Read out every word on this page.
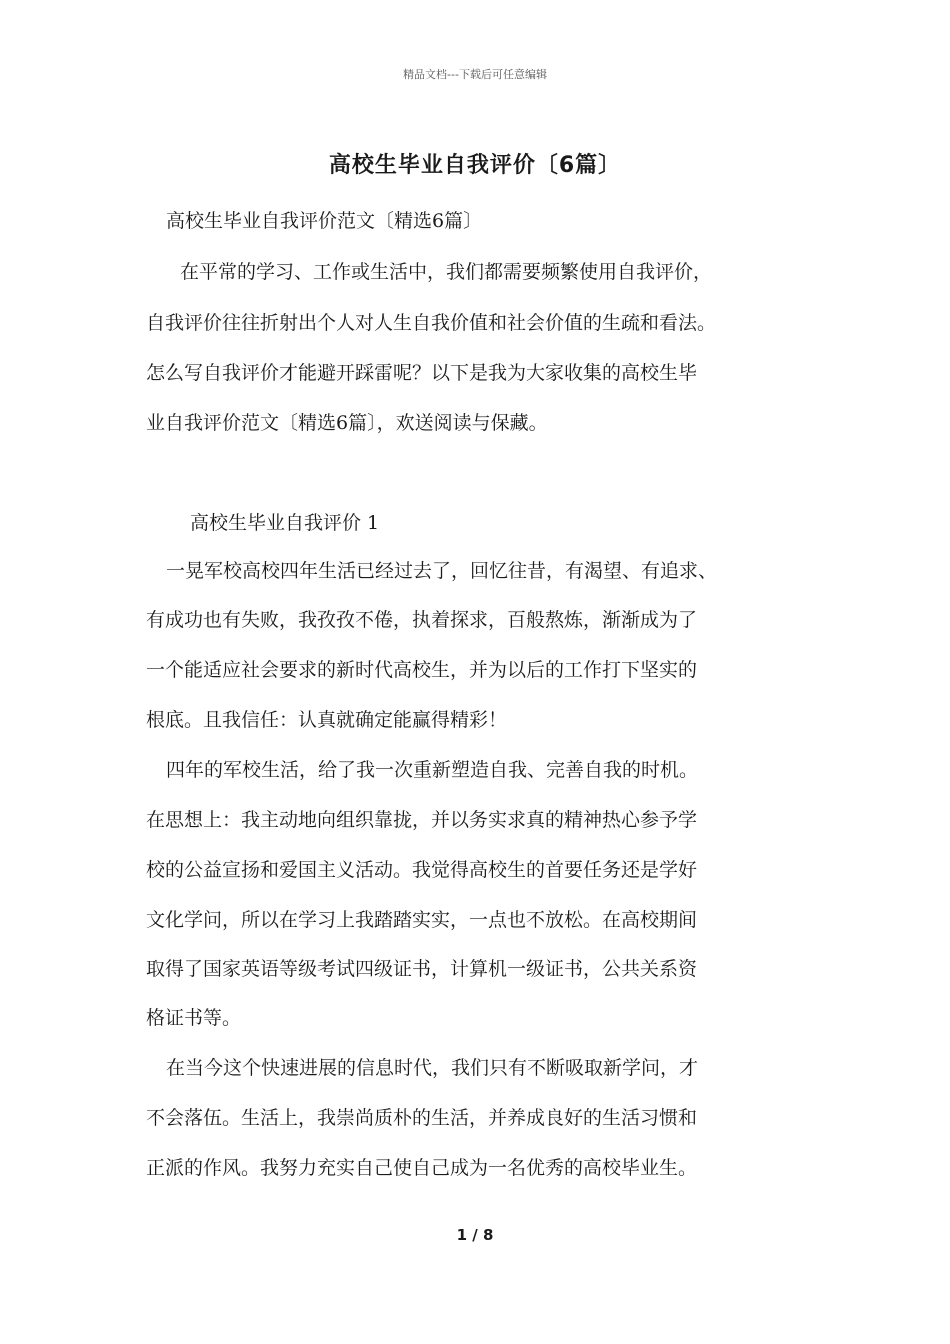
精品文档---下载后可任意编辑
高校生毕业自我评价〔6篇〕
高校生毕业自我评价范文〔精选6篇〕
在平常的学习、工作或生活中，我们都需要频繁使用自我评价，
自我评价往往折射出个人对人生自我价值和社会价值的生疏和看法。
怎么写自我评价才能避开踩雷呢？以下是我为大家收集的高校生毕
业自我评价范文〔精选6篇〕，欢送阅读与保藏。
高校生毕业自我评价 1
一晃军校高校四年生活已经过去了，回忆往昔，有渴望、有追求、
有成功也有失败，我孜孜不倦，执着探求，百般熬炼，渐渐成为了
一个能适应社会要求的新时代高校生，并为以后的工作打下坚实的
根底。且我信任：认真就确定能赢得精彩！
四年的军校生活，给了我一次重新塑造自我、完善自我的时机。
在思想上：我主动地向组织靠拢，并以务实求真的精神热心参予学
校的公益宣扬和爱国主义活动。我觉得高校生的首要任务还是学好
文化学问，所以在学习上我踏踏实实，一点也不放松。在高校期间
取得了国家英语等级考试四级证书，计算机一级证书，公共关系资
格证书等。
在当今这个快速进展的信息时代，我们只有不断吸取新学问，才
不会落伍。生活上，我崇尚质朴的生活，并养成良好的生活习惯和
正派的作风。我努力充实自己使自己成为一名优秀的高校毕业生。
1 / 8
